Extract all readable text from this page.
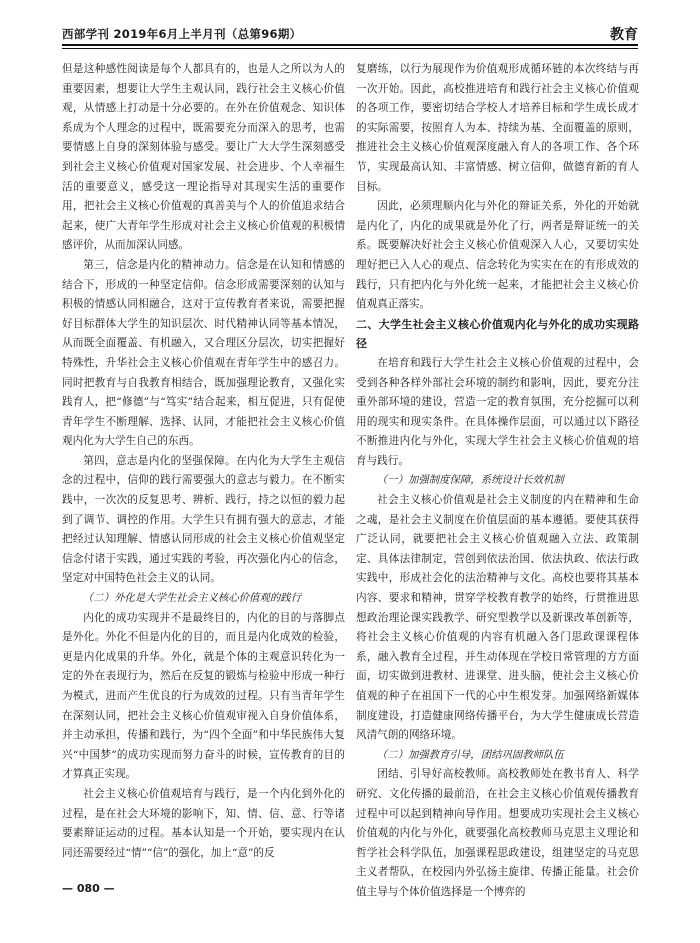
西部学刊 2019年6月上半月刊（总第96期）	教育

但是这种感性阅读是每个人都具有的，也是人之所以为人的重要因素，想要让大学生主观认同，践行社会主义核心价值观，从情感上打动是十分必要的。在外在价值观念、知识体系成为个人理念的过程中，既需要充分而深入的思考，也需要情感上自身的深刻体验与感受。要让广大大学生深刻感受到社会主义核心价值观对国家发展、社会进步、个人幸福生活的重要意义，感受这一理论指导对其现实生活的重要作用，把社会主义核心价值观的真善美与个人的价值追求结合起来，使广大青年学生形成对社会主义核心价值观的积极情感评价，从而加深认同感。

第三，信念是内化的精神动力。信念是在认知和情感的结合下，形成的一种坚定信仰。信念形成需要深刻的认知与积极的情感认同相融合，这对于宣传教育者来说，需要把握好目标群体大学生的知识层次、时代精神认同等基本情况，从而既全面覆盖、有机融入，又合理区分层次，切实把握好特殊性，升华社会主义核心价值观在青年学生中的感召力。同时把教育与自我教育相结合，既加强理论教育，又强化实践育人，把“修德”与“笃实”结合起来，相互促进，只有促使青年学生不断理解、选择、认同，才能把社会主义核心价值观内化为大学生自己的东西。

第四，意志是内化的坚强保障。在内化为大学生主观信念的过程中，信仰的践行需要强大的意志与毅力。在不断实践中，一次次的反复思考、辨析、践行，持之以恒的毅力起到了调节、调控的作用。大学生只有拥有强大的意志，才能把经过认知理解、情感认同形成的社会主义核心价值观坚定信念付诸于实践，通过实践的考验，再次强化内心的信念，坚定对中国特色社会主义的认同。

（二）外化是大学生社会主义核心价值观的践行

内化的成功实现并不是最终目的，内化的目的与落脚点是外化。外化不但是内化的目的，而且是内化成效的检验，更是内化成果的升华。外化，就是个体的主观意识转化为一定的外在表现行为，然后在反复的锻炼与检验中形成一种行为模式，进而产生优良的行为成效的过程。只有当青年学生在深刻认同，把社会主义核心价值观审视入自身价值体系，并主动承担，传播和践行，为“四个全面”和中华民族伟大复兴“中国梦”的成功实现而努力奋斗的时候，宣传教育的目的才算真正实现。

社会主义核心价值观培育与践行，是一个内化到外化的过程，是在社会大环境的影响下，知、情、信、意、行等诸要素辩证运动的过程。基本认知是一个开始，要实现内在认同还需要经过“情”“信”的强化，加上“意”的反

复磨练，以行为展现作为价值观形成循环链的本次终结与再一次开始。因此，高校推进培育和践行社会主义核心价值观的各项工作，要密切结合学校人才培养目标和学生成长成才的实际需要，按照育人为本、持续为基、全面覆盖的原则，推进社会主义核心价值观深度融入育人的各项工作、各个环节，实现最高认知、丰富情感、树立信仰，做德育新的育人目标。

因此，必须理顺内化与外化的辩证关系，外化的开始就是内化了，内化的成果就是外化了行，两者是辩证统一的关系。既要解决好社会主义核心价值观深入人心，又要切实处理好把已入人心的观点、信念转化为实实在在的有形成效的践行，只有把内化与外化统一起来，才能把社会主义核心价值观真正落实。

二、大学生社会主义核心价值观内化与外化的成功实现路径

在培育和践行大学生社会主义核心价值观的过程中，会受到各种各样外部社会环境的制约和影响，因此，要充分注重外部环境的建设，营造一定的教育氛围，充分挖掘可以利用的现实和现实条件。在具体操作层面，可以通过以下路径不断推进内化与外化，实现大学生社会主义核心价值观的培育与践行。

（一）加强制度保障，系统设计长效机制

社会主义核心价值观是社会主义制度的内在精神和生命之魂，是社会主义制度在价值层面的基本遵循。要使其获得广泛认同，就要把社会主义核心价值观融入立法、政策制定、具体法律制定，营创到依法治国、依法执政、依法行政实践中，形成社会化的法治精神与文化。高校也要将其基本内容、要求和精神，贯穿学校教育教学的始终，行贯推进思想政治理论课实践教学、研究型教学以及新课改革创新等，将社会主义核心价值观的内容有机融入各门思政课课程体系，融入教育全过程，并生动体现在学校日常管理的方方面面，切实做到进教材、进课堂、进头脑，使社会主义核心价值观的种子在祖国下一代的心中生根发芽。加强网络新媒体制度建设，打造健康网络传播平台，为大学生健康成长营造风清气朗的网络环境。

（二）加强教育引导，团结巩固教师队伍

团结、引导好高校教师。高校教师处在教书育人、科学研究、文化传播的最前沿，在社会主义核心价值观传播教育过程中可以起到精神向导作用。想要成功实现社会主义核心价值观的内化与外化，就要强化高校教师马克思主义理论和哲学社会科学队伍，加强课程思政建设，组建坚定的马克思主义者帮队，在校园内外弘扬主旋律、传播正能量。社会价值主导与个体价值选择是一个博弈的

— 080 —
